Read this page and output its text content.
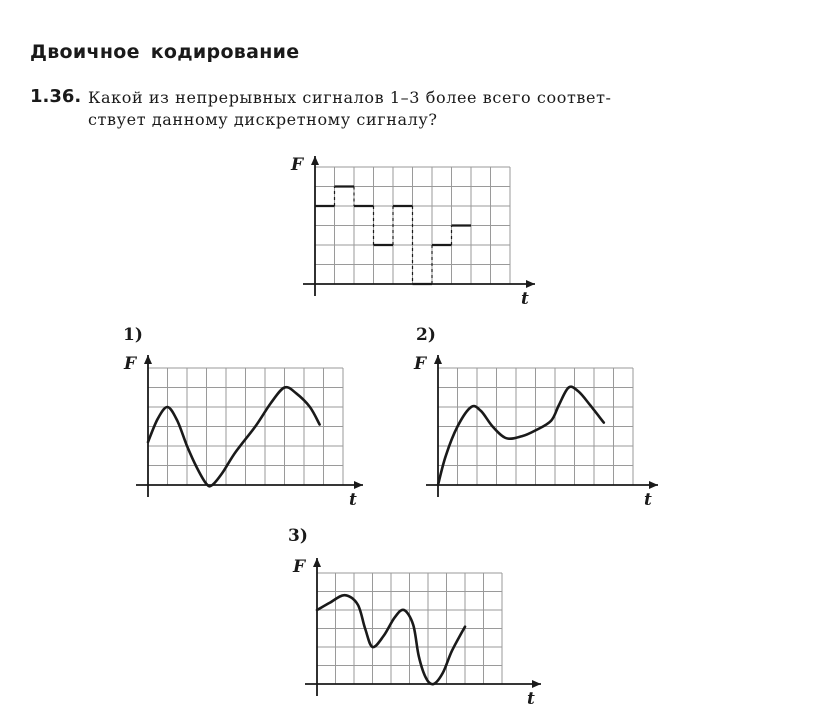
Двоичное кодирование
1.36. Какой из непрерывных сигналов 1–3 более всего соответ-
ствует данному дискретному сигналу?

F
t
1)
F
t
2)
F
t
3)
F
t
